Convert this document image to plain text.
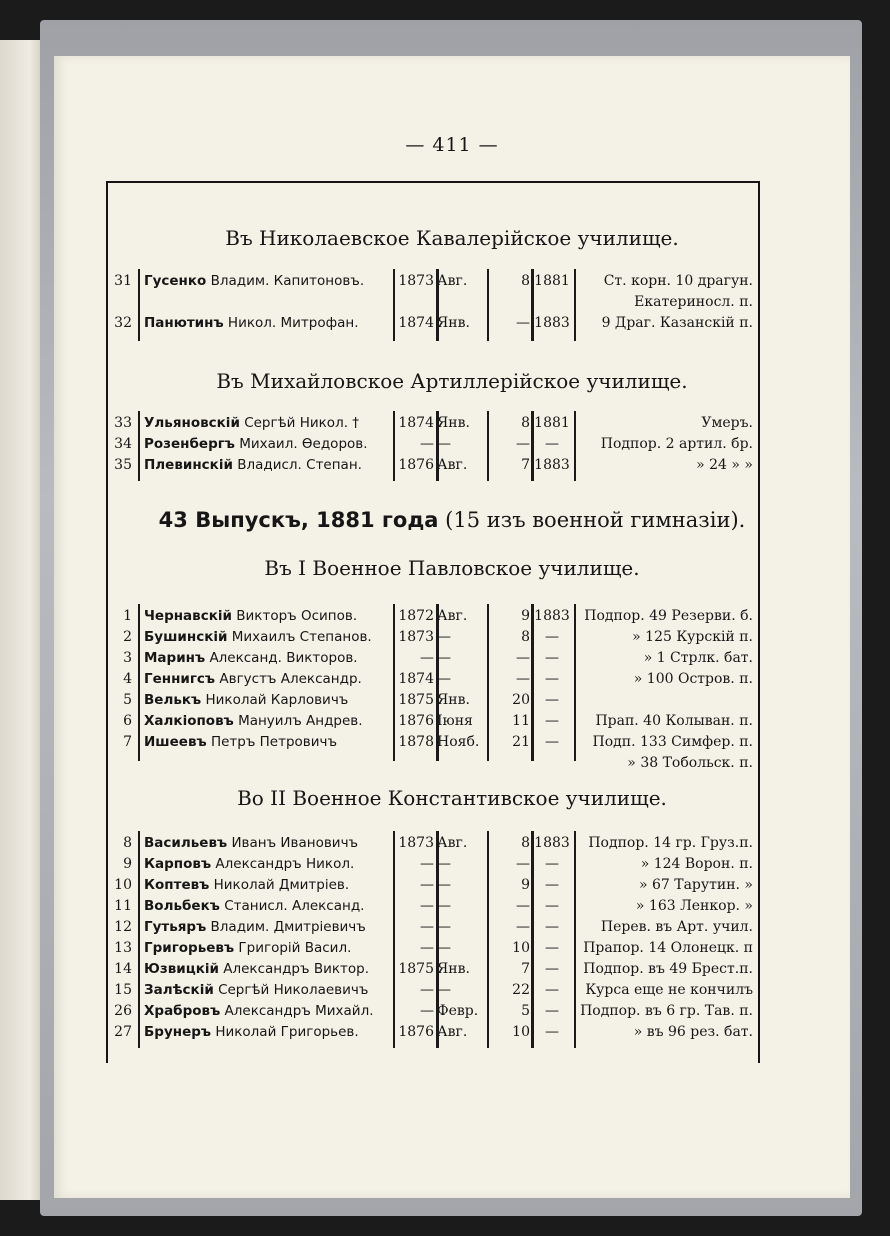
— 411 —
Въ Николаевское Кавалерійское училище.
31 Гусенко Владим. Капитоновъ.	1873 Авг.	8 1881	Ст. корн. 10 драгун.
Екатериносл. п.
32 Панютинъ Никол. Митрофан.	1874 Янв.	— 1883	9 Драг. Казанскій п.
Въ Михайловское Артиллерійское училище.
33 Ульяновскій Сергѣй Никол. †	1874 Янв.	8 1881	Умеръ.
34 Розенбергъ Михаил. Өедоров.	— —	—	—	Подпор. 2 артил. бр.
35 Плевинскій Владисл. Степан.	1876 Авг.	7 1883	» 24 » »
43 Выпускъ, 1881 года (15 изъ военной гимназіи).
Въ I Военное Павловское училище.
1 Чернавскій Викторъ Осипов.	1872 Авг.	9 1883	Подпор. 49 Резерви. б.
2 Бушинскій Михаилъ Степанов.	1873 —	8	—	» 125 Курскій п.
3 Маринъ Александ. Викторов.	— —	—	—	» 1 Стрлк. бат.
4 Геннигсъ Августъ Александр.	1874 —	—	—	» 100 Остров. п.
5 Велькъ Николай Карловичъ	1875 Янв.	20	—
6 Халкіоповъ Мануилъ Андрев.	1876 Іюня	11	—	Прап. 40 Колыван. п.
7 Ишеевъ Петръ Петровичъ	1878 Нояб.	21	—	Подп. 133 Симфер. п.
» 38 Тобольск. п.
Во II Военное Константивское училище.
8 Васильевъ Иванъ Ивановичъ	1873 Авг.	8 1883	Подпор. 14 гр. Груз.п.
9 Карповъ Александръ Никол.	— —	—	—	» 124 Ворон. п.
10 Коптевъ Николай Дмитріев.	— —	9	—	» 67 Тарутин. »
11 Вольбекъ Станисл. Александ.	— —	—	—	» 163 Ленкор. »
12 Гутьяръ Владим. Дмитріевичъ	— —	—	—	Перев. въ Арт. учил.
13 Григорьевъ Григорій Васил.	— —	10	—	Прапор. 14 Олонецк. п
14 Юзвицкій Александръ Виктор.	1875 Янв.	7	—	Подпор. въ 49 Брест.п.
15 Залѣскій Сергѣй Николаевичъ	— —	22	—	Курса еще не кончилъ
26 Храбровъ Александръ Михайл.	— Февр.	5	—	Подпор. въ 6 гр. Тав. п.
27 Брунеръ Николай Григорьев.	1876 Авг.	10	—	» въ 96 рез. бат.
